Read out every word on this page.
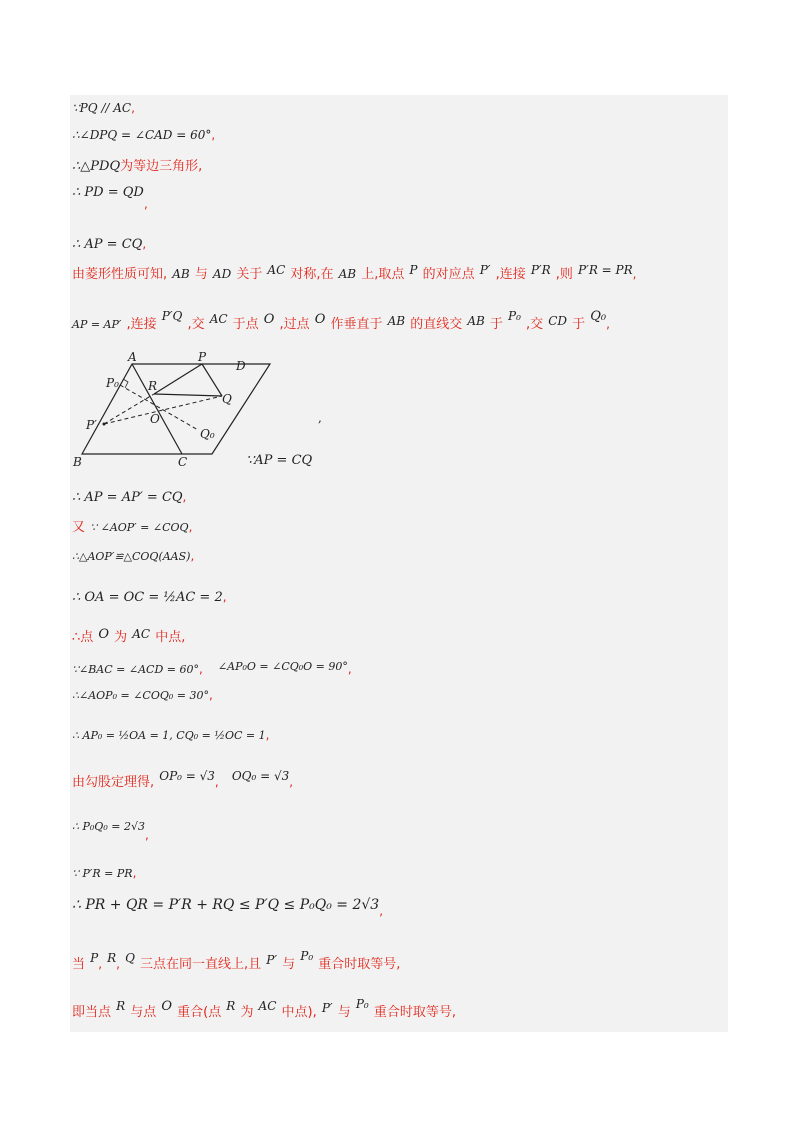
∵PQ // AC,
∴∠DPQ = ∠CAD = 60°,
∴△PDQ为等边三角形,
∴ PD = QD
,
∴ AP = CQ,
由菱形性质可知, AB 与 AD 关于 $^{AC}$ 对称,在 AB 上,取点 $^P$ 的对应点 $^{P'}$ ,连接 $^{P'R}$ ,则 $^{P'R = PR}$,
AP = AP′ ,连接 $^{P'Q}$ ,交 $^{AC}$ 于点 $^O$ ,过点 $^O$ 作垂直于 AB 的直线交 AB 于 $^{P_0}$ ,交 CD 于 $^{Q_0}$,
A	P
D
P₀ R
Q
O
P′
Q₀
B	C
,
∵AP = CQ
∴ AP = AP′ = CQ,
又 ∵ ∠AOP′ = ∠COQ,
∴△AOP′≌△COQ(AAS),
∴ OA = OC = ½AC = 2,
∴点 O 为 AC 中点,
∵∠BAC = ∠ACD = 60°, ∠AP₀O = ∠CQ₀O = 90°,
∴∠AOP₀ = ∠COQ₀ = 30°,
∴ AP₀ = ½OA = 1, CQ₀ = ½OC = 1,
由勾股定理得, $^{OP_0 = √3}$, $^{OQ_0 = √3}$,
∴ P₀Q₀ = 2√3
,
∵ P′R = PR,
∴ PR + QR = P′R + RQ ≤ $P'Q \le P_0Q_0 = 2√3_,$
当 $^P$, $^R$, $^Q$ 三点在同一直线上,且 $^{P'}$ 与 $^{P_0}$ 重合时取等号,
即当点 $^R$ 与点 $^O$ 重合(点 $^R$ 为 $^{AC}$ 中点), $^{P'}$ 与 $^{P_0}$ 重合时取等号,
